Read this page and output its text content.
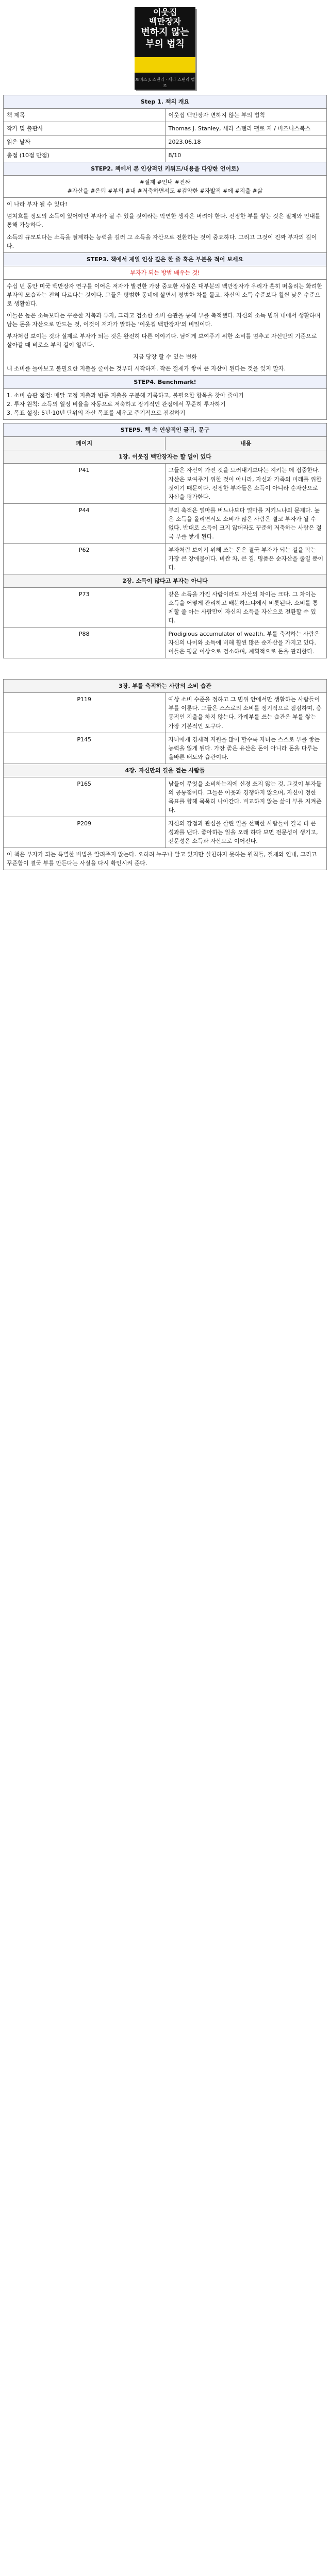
이웃집
백만장자
변하지 않는
부의 법칙
토머스 J. 스탠리 · 세라 스탠리 팰로
Step 1. 책의 개요	
책 제목	이웃집 백만장자 변하지 않는 부의 법칙
작가 및 출판사	Thomas J. Stanley, 세라 스탠리 팰로 저 / 비즈니스북스
읽은 날짜	2023.06.18
총점 (10점 만점)	8/10
STEP2. 책에서 본 인상적인 키워드/내용을 다양한 언어로)	

#절제 #인내 #진짜
#자산을 #은퇴 #부의 #내 #저축하면서도 #검약한 #자발적 #에 #지출 #삶	

이 나라 부자 될 수 있다!

넘쳐흐를 정도의 소득이 있어야만 부자가 될 수 있을 것이라는 막연한 생각은 버려야 한다. 진정한 부를 쌓는 것은 절제와 인내를 통해 가능하다.

소득의 규모보다는 소득을 절제하는 능력을 길러 그 소득을 자산으로 전환하는 것이 중요하다. 그리고 그것이 진짜 부자의 길이다.	

STEP3. 책에서 제일 인상 깊은 한 줄 혹은 부분을 적어 보세요	
부자가 되는 방법 배우는 것!	

수십 년 동안 미국 백만장자 연구를 이어온 저자가 발견한 가장 중요한 사실은 대부분의 백만장자가 우리가 흔히 떠올리는 화려한 부자의 모습과는 전혀 다르다는 것이다. 그들은 평범한 동네에 살면서 평범한 차를 몰고, 자신의 소득 수준보다 훨씬 낮은 수준으로 생활한다.

이들은 높은 소득보다는 꾸준한 저축과 투자, 그리고 검소한 소비 습관을 통해 부를 축적했다. 자신의 소득 범위 내에서 생활하며 남는 돈을 자산으로 만드는 것, 이것이 저자가 말하는 '이웃집 백만장자'의 비밀이다.

부자처럼 보이는 것과 실제로 부자가 되는 것은 완전히 다른 이야기다. 남에게 보여주기 위한 소비를 멈추고 자신만의 기준으로 살아갈 때 비로소 부의 길이 열린다.

지금 당장 할 수 있는 변화

내 소비를 돌아보고 불필요한 지출을 줄이는 것부터 시작하자. 작은 절제가 쌓여 큰 자산이 된다는 것을 잊지 말자.	

STEP4. Benchmark!	

1. 소비 습관 점검: 매달 고정 지출과 변동 지출을 구분해 기록하고, 불필요한 항목을 찾아 줄이기
2. 투자 원칙: 소득의 일정 비율을 자동으로 저축하고 장기적인 관점에서 꾸준히 투자하기
3. 목표 설정: 5년·10년 단위의 자산 목표를 세우고 주기적으로 점검하기	
STEP5. 책 속 인상적인 글귀, 문구	
페이지	내용
1장. 이웃집 백만장자는 할 일이 있다	
P41	그들은 자신이 가진 것을 드러내기보다는 지키는 데 집중한다. 자산은 보여주기 위한 것이 아니라, 자신과 가족의 미래를 위한 것이기 때문이다. 진정한 부자들은 소득이 아니라 순자산으로 자신을 평가한다.
P44	부의 축적은 얼마를 버느냐보다 얼마를 지키느냐의 문제다. 높은 소득을 올리면서도 소비가 많은 사람은 결코 부자가 될 수 없다. 반대로 소득이 크지 않더라도 꾸준히 저축하는 사람은 결국 부를 쌓게 된다.
P62	부자처럼 보이기 위해 쓰는 돈은 결국 부자가 되는 길을 막는 가장 큰 장애물이다. 비싼 차, 큰 집, 명품은 순자산을 줄일 뿐이다.
2장. 소득이 많다고 부자는 아니다	
P73	같은 소득을 가진 사람이라도 자산의 차이는 크다. 그 차이는 소득을 어떻게 관리하고 배분하느냐에서 비롯된다. 소비를 통제할 줄 아는 사람만이 자신의 소득을 자산으로 전환할 수 있다.
P88	Prodigious accumulator of wealth. 부를 축적하는 사람은 자신의 나이와 소득에 비해 훨씬 많은 순자산을 가지고 있다. 이들은 평균 이상으로 검소하며, 계획적으로 돈을 관리한다.

3장. 부를 축적하는 사람의 소비 습관	
P119	예상 소비 수준을 정하고 그 범위 안에서만 생활하는 사람들이 부를 이룬다. 그들은 스스로의 소비를 정기적으로 점검하며, 충동적인 지출을 하지 않는다. 가계부를 쓰는 습관은 부를 쌓는 가장 기본적인 도구다.
P145	자녀에게 경제적 지원을 많이 할수록 자녀는 스스로 부를 쌓는 능력을 잃게 된다. 가장 좋은 유산은 돈이 아니라 돈을 다루는 올바른 태도와 습관이다.
4장. 자신만의 길을 걷는 사람들	
P165	남들이 무엇을 소비하는지에 신경 쓰지 않는 것, 그것이 부자들의 공통점이다. 그들은 이웃과 경쟁하지 않으며, 자신이 정한 목표를 향해 묵묵히 나아간다. 비교하지 않는 삶이 부를 지켜준다.
P209	자신의 강점과 관심을 살린 일을 선택한 사람들이 결국 더 큰 성과를 낸다. 좋아하는 일을 오래 하다 보면 전문성이 생기고, 전문성은 소득과 자산으로 이어진다.
이 책은 부자가 되는 특별한 비법을 알려주지 않는다. 오히려 누구나 알고 있지만 실천하지 못하는 원칙들, 절제와 인내, 그리고 꾸준함이 결국 부를 만든다는 사실을 다시 확인시켜 준다.	
